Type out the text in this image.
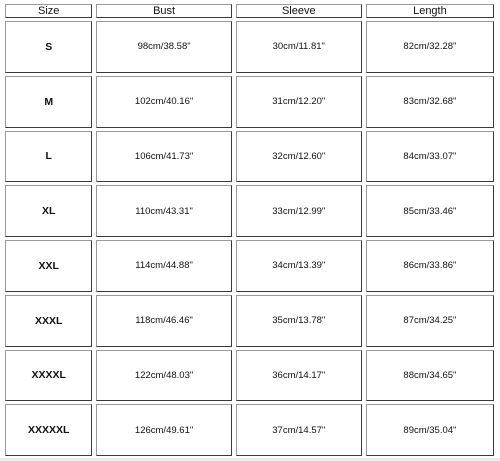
Size	Bust	Sleeve	Length
S	98cm/38.58"	30cm/11.81"	82cm/32.28"
M	102cm/40.16"	31cm/12.20"	83cm/32.68"
L	106cm/41.73"	32cm/12.60"	84cm/33.07"
XL	110cm/43.31"	33cm/12.99"	85cm/33.46"
XXL	114cm/44.88"	34cm/13.39"	86cm/33.86"
XXXL	118cm/46.46"	35cm/13.78"	87cm/34.25"
XXXXL	122cm/48.03"	36cm/14.17"	88cm/34.65"
XXXXXL	126cm/49.61"	37cm/14.57"	89cm/35.04"
